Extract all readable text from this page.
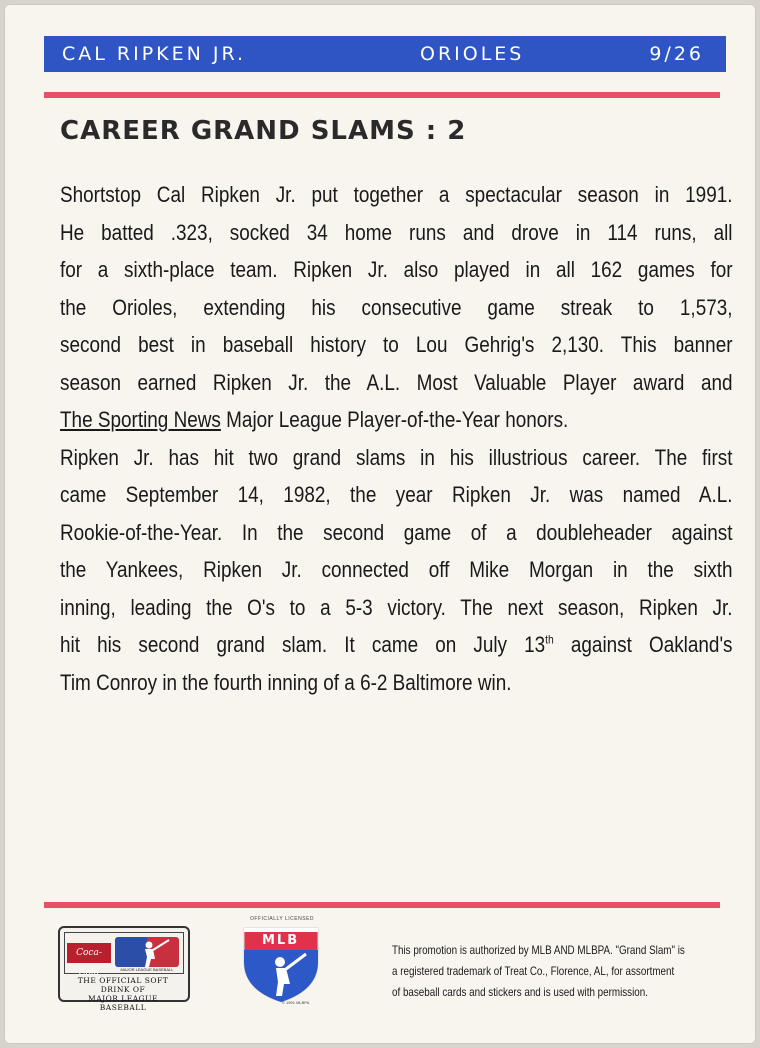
CAL RIPKEN JR.	ORIOLES	9/26
CAREER GRAND SLAMS : 2

Shortstop Cal Ripken Jr. put together a spectacular season in 1991.
He batted .323, socked 34 home runs and drove in 114 runs, all
for a sixth-place team. Ripken Jr. also played in all 162 games for
the Orioles, extending his consecutive game streak to 1,573,
second best in baseball history to Lou Gehrig's 2,130. This banner
season earned Ripken Jr. the A.L. Most Valuable Player award and
The Sporting News Major League Player-of-the-Year honors.

Ripken Jr. has hit two grand slams in his illustrious career. The first
came September 14, 1982, the year Ripken Jr. was named A.L.
Rookie-of-the-Year. In the second game of a doubleheader against
the Yankees, Ripken Jr. connected off Mike Morgan in the sixth
inning, leading the O's to a 5-3 victory. The next season, Ripken Jr.
hit his second grand slam. It came on July 13th against Oakland's
Tim Conroy in the fourth inning of a 6-2 Baltimore win.

Coca-Cola	MAJOR LEAGUE BASEBALL
THE OFFICIAL SOFT DRINK OF
MAJOR LEAGUE BASEBALL
OFFICIALLY LICENSED
MLB
© 1991 MLBPA
This promotion is authorized by MLB AND MLBPA. "Grand Slam" is
a registered trademark of Treat Co., Florence, AL, for assortment
of baseball cards and stickers and is used with permission.
